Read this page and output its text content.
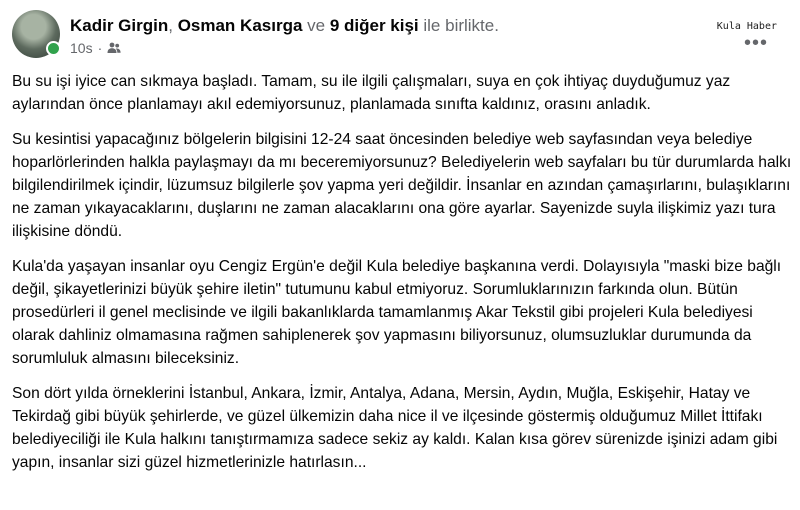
Kadir Girgin, Osman Kasırga ve 9 diğer kişi ile birlikte.
10s ·
Kula Haber
•••

Bu su işi iyice can sıkmaya başladı. Tamam, su ile ilgili çalışmaları, suya en çok ihtiyaç duyduğumuz yaz aylarından önce planlamayı akıl edemiyorsunuz, planlamada sınıfta kaldınız, orasını anladık.

Su kesintisi yapacağınız bölgelerin bilgisini 12-24 saat öncesinden belediye web sayfasından veya belediye hoparlörlerinden halkla paylaşmayı da mı beceremiyorsunuz? Belediyelerin web sayfaları bu tür durumlarda halkı bilgilendirilmek içindir, lüzumsuz bilgilerle şov yapma yeri değildir. İnsanlar en azından çamaşırlarını, bulaşıklarını ne zaman yıkayacaklarını, duşlarını ne zaman alacaklarını ona göre ayarlar. Sayenizde suyla ilişkimiz yazı tura ilişkisine döndü.

Kula'da yaşayan insanlar oyu Cengiz Ergün'e değil Kula belediye başkanına verdi. Dolayısıyla "maski bize bağlı değil, şikayetlerinizi büyük şehire iletin" tutumunu kabul etmiyoruz. Sorumluklarınızın farkında olun. Bütün prosedürleri il genel meclisinde ve ilgili bakanlıklarda tamamlanmış Akar Tekstil gibi projeleri Kula belediyesi olarak dahliniz olmamasına rağmen sahiplenerek şov yapmasını biliyorsunuz, olumsuzluklar durumunda da sorumluluk almasını bileceksiniz.

Son dört yılda örneklerini İstanbul, Ankara, İzmir, Antalya, Adana, Mersin, Aydın, Muğla, Eskişehir, Hatay ve Tekirdağ gibi büyük şehirlerde, ve güzel ülkemizin daha nice il ve ilçesinde göstermiş olduğumuz Millet İttifakı belediyeciliği ile Kula halkını tanıştırmamıza sadece sekiz ay kaldı. Kalan kısa görev sürenizde işinizi adam gibi yapın, insanlar sizi güzel hizmetlerinizle hatırlasın...
